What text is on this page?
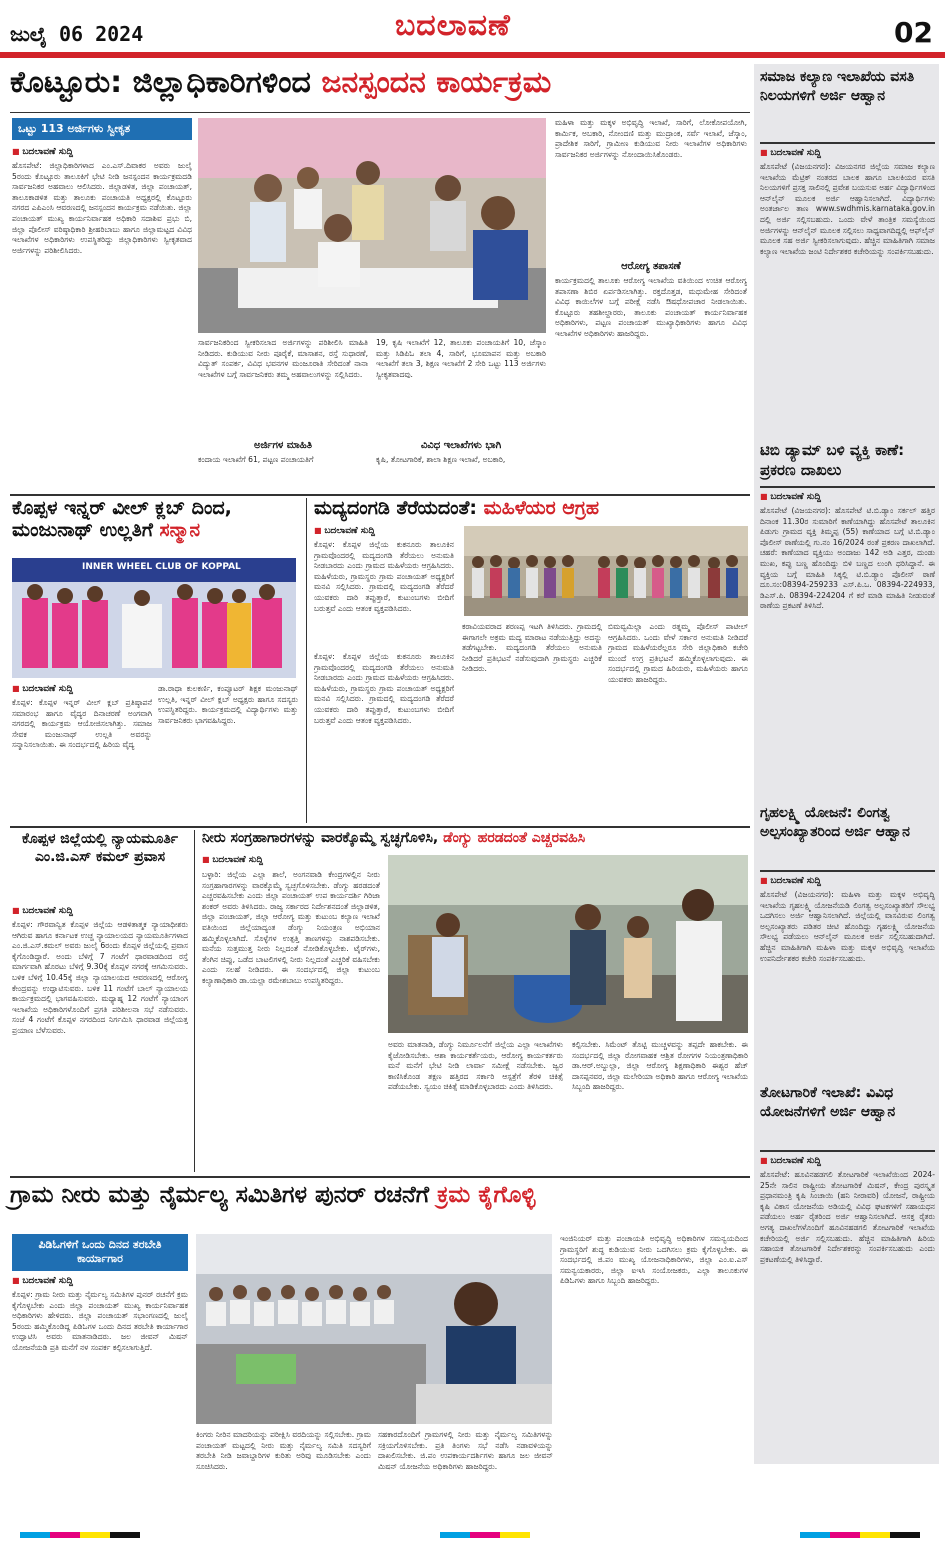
ಜುಲೈ 06 2024	ಬದಲಾವಣೆ	02
ಕೊಟ್ಟೂರು: ಜಿಲ್ಲಾಧಿಕಾರಿಗಳಿಂದ ಜನಸ್ಪಂದನ ಕಾರ್ಯಕ್ರಮ
ಒಟ್ಟು 113 ಅರ್ಜಿಗಳು ಸ್ವೀಕೃತ
■ ಬದಲಾವಣೆ ಸುದ್ದಿ
ಹೊಸಪೇಟೆ: ಜಿಲ್ಲಾಧಿಕಾರಿಗಳಾದ ಎಂ.ಎಸ್.ದಿವಾಕರ ಅವರು ಜುಲೈ 5ರಂದು ಕೊಟ್ಟೂರು ತಾಲೂಕಿಗೆ ಭೇಟಿ ನೀಡಿ ಜನಸ್ಪಂದನ ಕಾರ್ಯಕ್ರಮದಡಿ ಸಾರ್ವಜನಿಕರ ಅಹವಾಲು ಆಲಿಸಿದರು. ಜಿಲ್ಲಾಡಳಿತ, ಜಿಲ್ಲಾ ಪಂಚಾಯತ್, ತಾಲೂಕಾಡಳಿತ ಮತ್ತು ತಾಲೂಕು ಪಂಚಾಯತಿ ಅಧ್ಯಕ್ಷರಲ್ಲಿ ಕೊಟ್ಟೂರು ನಗರದ ಎಪಿಎಂಸಿ ಆವರಣದಲ್ಲಿ ಜನಸ್ಪಂದನ ಕಾರ್ಯಕ್ರಮ ನಡೆಯಿತು. ಜಿಲ್ಲಾ ಪಂಚಾಯತ್ ಮುಖ್ಯ ಕಾರ್ಯನಿರ್ವಾಹಕ ಅಧಿಕಾರಿ ಸದಾಶಿವ ಪ್ರಭು ಬಿ, ಜಿಲ್ಲಾ ಪೊಲೀಸ್ ವರಿಷ್ಠಾಧಿಕಾರಿ ಶ್ರೀಹರಿಬಾಬು ಹಾಗೂ ಜಿಲ್ಲಾಮಟ್ಟದ ವಿವಿಧ ಇಲಾಖೆಗಳ ಅಧಿಕಾರಿಗಳು ಉಪಸ್ಥಿತರಿದ್ದು ಜಿಲ್ಲಾಧಿಕಾರಿಗಳು ಸ್ವೀಕೃತವಾದ ಅರ್ಜಿಗಳನ್ನು ಪರಿಶೀಲಿಸಿದರು.
ಸಾರ್ವಜನಿಕರಿಂದ ಸ್ವೀಕರಿಸಲಾದ ಅರ್ಜಿಗಳನ್ನು ಪರಿಶೀಲಿಸಿ ಮಾಹಿತಿ ನೀಡಿದರು. ಕುಡಿಯುವ ನೀರು ಪೂರೈಕೆ, ಮಾಸಾಶನ, ರಸ್ತೆ ಸುಧಾರಣೆ, ವಿದ್ಯುತ್ ಸಂಪರ್ಕ, ವಿವಿಧ ಭವನಗಳ ಮಂಜೂರಾತಿ ಸೇರಿದಂತೆ ನಾನಾ ಇಲಾಖೆಗಳ ಬಗ್ಗೆ ಸಾರ್ವಜನಿಕರು ತಮ್ಮ ಅಹವಾಲುಗಳನ್ನು ಸಲ್ಲಿಸಿದರು.
ಅರ್ಜಿಗಳ ಮಾಹಿತಿ
ಕಂದಾಯ ಇಲಾಖೆಗೆ 61, ಪಟ್ಟಣ ಪಂಚಾಯತಿಗೆ
19, ಕೃಷಿ ಇಲಾಖೆಗೆ 12, ತಾಲೂಕು ಪಂಚಾಯತಿಗೆ 10, ಜೆಸ್ಕಾಂ ಮತ್ತು ಸಿಡಿಪಿಓ ತಲಾ 4, ಸಾರಿಗೆ, ಭೂಮಾಪನ ಮತ್ತು ಅಬಕಾರಿ ಇಲಾಖೆಗೆ ತಲಾ 3, ಶಿಕ್ಷಣ ಇಲಾಖೆಗೆ 2 ಸೇರಿ ಒಟ್ಟು 113 ಅರ್ಜಿಗಳು ಸ್ವೀಕೃತವಾದವು.
ವಿವಿಧ ಇಲಾಖೆಗಳು ಭಾಗಿ
ಕೃಷಿ, ತೋಟಗಾರಿಕೆ, ಶಾಲಾ ಶಿಕ್ಷಣ ಇಲಾಖೆ, ಅಬಕಾರಿ,
ಮಹಿಳಾ ಮತ್ತು ಮಕ್ಕಳ ಅಭಿವೃದ್ಧಿ ಇಲಾಖೆ, ಸಾರಿಗೆ, ಲೋಕೋಪಯೋಗಿ, ಕಾರ್ಮಿಕ, ಅಬಕಾರಿ, ನೋಂದಣಿ ಮತ್ತು ಮುದ್ರಾಂಕ, ಸರ್ವೆ ಇಲಾಖೆ, ಜೆಸ್ಕಾಂ, ಪ್ರಾದೇಶಿಕ ಸಾರಿಗೆ, ಗ್ರಾಮೀಣ ಕುಡಿಯುವ ನೀರು ಇಲಾಖೆಗಳ ಅಧಿಕಾರಿಗಳು ಸಾರ್ವಜನಿಕರ ಅರ್ಜಿಗಳನ್ನು ನೋಂದಾಯಿಸಿಕೊಂಡರು.
ಆರೋಗ್ಯ ತಪಾಸಣೆ
ಕಾರ್ಯಕ್ರಮದಲ್ಲಿ ತಾಲೂಕು ಆರೋಗ್ಯ ಇಲಾಖೆಯ ವತಿಯಿಂದ ಉಚಿತ ಆರೋಗ್ಯ ತಪಾಸಣಾ ಶಿಬಿರ ಏರ್ಪಡಿಸಲಾಗಿತ್ತು. ರಕ್ತದೊತ್ತಡ, ಮಧುಮೇಹ ಸೇರಿದಂತೆ ವಿವಿಧ ಕಾಯಿಲೆಗಳ ಬಗ್ಗೆ ಪರೀಕ್ಷೆ ನಡೆಸಿ ಔಷಧೋಪಚಾರ ನೀಡಲಾಯಿತು. ಕೊಟ್ಟೂರು ತಹಶೀಲ್ದಾರರು, ತಾಲೂಕು ಪಂಚಾಯತ್ ಕಾರ್ಯನಿರ್ವಾಹಕ ಅಧಿಕಾರಿಗಳು, ಪಟ್ಟಣ ಪಂಚಾಯತ್ ಮುಖ್ಯಾಧಿಕಾರಿಗಳು ಹಾಗೂ ವಿವಿಧ ಇಲಾಖೆಗಳ ಅಧಿಕಾರಿಗಳು ಹಾಜರಿದ್ದರು.
ಕೊಪ್ಪಳ ಇನ್ನರ್ ವೀಲ್ ಕ್ಲಬ್ ದಿಂದ,
ಮಂಜುನಾಥ್ ಉಲ್ಲತಿಗೆ ಸನ್ಮಾನ
INNER WHEEL CLUB OF KOPPAL
■ ಬದಲಾವಣೆ ಸುದ್ದಿ
ಕೊಪ್ಪಳ: ಕೊಪ್ಪಳ ಇನ್ನರ್ ವೀಲ್ ಕ್ಲಬ್ ಪ್ರತಿಷ್ಠಾಪನೆ ಸಮಾರಂಭ ಹಾಗೂ ವೈದ್ಯರ ದಿನಾಚರಣೆ ಅಂಗವಾಗಿ ನಗರದಲ್ಲಿ ಕಾರ್ಯಕ್ರಮ ಆಯೋಜಿಸಲಾಗಿತ್ತು. ಸಮಾಜ ಸೇವಕ ಮಂಜುನಾಥ್ ಉಲ್ಲತಿ ಅವರನ್ನು ಸನ್ಮಾನಿಸಲಾಯಿತು. ಈ ಸಂದರ್ಭದಲ್ಲಿ ಹಿರಿಯ ವೈದ್ಯ
ಡಾ.ರಾಧಾ ಕುಲಕರ್ಣಿ, ಕಂಪ್ಯೂಟರ್ ಶಿಕ್ಷಕ ಮಂಜುನಾಥ್ ಉಲ್ಲತಿ, ಇನ್ನರ್ ವೀಲ್ ಕ್ಲಬ್ ಅಧ್ಯಕ್ಷರು ಹಾಗೂ ಸದಸ್ಯರು ಉಪಸ್ಥಿತರಿದ್ದರು. ಕಾರ್ಯಕ್ರಮದಲ್ಲಿ ವಿದ್ಯಾರ್ಥಿಗಳು ಮತ್ತು ಸಾರ್ವಜನಿಕರು ಭಾಗವಹಿಸಿದ್ದರು.
ಮದ್ಯದಂಗಡಿ ತೆರೆಯದಂತೆ: ಮಹಿಳೆಯರ ಆಗ್ರಹ
■ ಬದಲಾವಣೆ ಸುದ್ದಿ
ಕೊಪ್ಪಳ: ಕೊಪ್ಪಳ ಜಿಲ್ಲೆಯ ಕುಕನೂರು ತಾಲೂಕಿನ ಗ್ರಾಮವೊಂದರಲ್ಲಿ ಮದ್ಯದಂಗಡಿ ತೆರೆಯಲು ಅನುಮತಿ ನೀಡಬಾರದು ಎಂದು ಗ್ರಾಮದ ಮಹಿಳೆಯರು ಆಗ್ರಹಿಸಿದರು. ಮಹಿಳೆಯರು, ಗ್ರಾಮಸ್ಥರು ಗ್ರಾಮ ಪಂಚಾಯತ್ ಅಧ್ಯಕ್ಷರಿಗೆ ಮನವಿ ಸಲ್ಲಿಸಿದರು. ಗ್ರಾಮದಲ್ಲಿ ಮದ್ಯದಂಗಡಿ ತೆರೆದರೆ ಯುವಕರು ದಾರಿ ತಪ್ಪುತ್ತಾರೆ, ಕುಟುಂಬಗಳು ಬೀದಿಗೆ ಬರುತ್ತವೆ ಎಂದು ಆತಂಕ ವ್ಯಕ್ತಪಡಿಸಿದರು.
ಕೊಪ್ಪಳ: ಕೊಪ್ಪಳ ಜಿಲ್ಲೆಯ ಕುಕನೂರು ತಾಲೂಕಿನ ಗ್ರಾಮವೊಂದರಲ್ಲಿ ಮದ್ಯದಂಗಡಿ ತೆರೆಯಲು ಅನುಮತಿ ನೀಡಬಾರದು ಎಂದು ಗ್ರಾಮದ ಮಹಿಳೆಯರು ಆಗ್ರಹಿಸಿದರು. ಮಹಿಳೆಯರು, ಗ್ರಾಮಸ್ಥರು ಗ್ರಾಮ ಪಂಚಾಯತ್ ಅಧ್ಯಕ್ಷರಿಗೆ ಮನವಿ ಸಲ್ಲಿಸಿದರು. ಗ್ರಾಮದಲ್ಲಿ ಮದ್ಯದಂಗಡಿ ತೆರೆದರೆ ಯುವಕರು ದಾರಿ ತಪ್ಪುತ್ತಾರೆ, ಕುಟುಂಬಗಳು ಬೀದಿಗೆ ಬರುತ್ತವೆ ಎಂದು ಆತಂಕ ವ್ಯಕ್ತಪಡಿಸಿದರು.
ಕರಾವಿಯವರಾದ ಶರಣಪ್ಪ ಇಟಗಿ ತಿಳಿಸಿದರು. ಗ್ರಾಮದಲ್ಲಿ ಈಗಾಗಲೇ ಅಕ್ರಮ ಮದ್ಯ ಮಾರಾಟ ನಡೆಯುತ್ತಿದ್ದು ಅದನ್ನು ತಡೆಗಟ್ಟಬೇಕು. ಮದ್ಯದಂಗಡಿ ತೆರೆಯಲು ಅನುಮತಿ ನೀಡಿದರೆ ಪ್ರತಿಭಟನೆ ನಡೆಸುವುದಾಗಿ ಗ್ರಾಮಸ್ಥರು ಎಚ್ಚರಿಕೆ ನೀಡಿದರು.
ಬಿಮವ್ವಮಿಲ್ಲಾ ಎಂದು ರತ್ನಮ್ಮ ಪೊಲೀಸ್ ಪಾಟೀಲ್ ಆಗ್ರಹಿಸಿದರು. ಒಂದು ವೇಳೆ ಸರ್ಕಾರ ಅನುಮತಿ ನೀಡಿದರೆ ಗ್ರಾಮದ ಮಹಿಳೆಯರೆಲ್ಲರೂ ಸೇರಿ ಜಿಲ್ಲಾಧಿಕಾರಿ ಕಚೇರಿ ಮುಂದೆ ಉಗ್ರ ಪ್ರತಿಭಟನೆ ಹಮ್ಮಿಕೊಳ್ಳಲಾಗುವುದು. ಈ ಸಂದರ್ಭದಲ್ಲಿ ಗ್ರಾಮದ ಹಿರಿಯರು, ಮಹಿಳೆಯರು ಹಾಗೂ ಯುವಕರು ಹಾಜರಿದ್ದರು.
ಕೊಪ್ಪಳ ಜಿಲ್ಲೆಯಲ್ಲಿ ನ್ಯಾಯಮೂರ್ತಿ ಎಂ.ಜಿ.ಎಸ್ ಕಮಲ್ ಪ್ರವಾಸ
■ ಬದಲಾವಣೆ ಸುದ್ದಿ
ಕೊಪ್ಪಳ: ಗೌರವಾನ್ವಿತ ಕೊಪ್ಪಳ ಜಿಲ್ಲೆಯ ಆಡಳಿತಾತ್ಮಕ ನ್ಯಾಯಾಧೀಶರು ಆಗಿರುವ ಹಾಗೂ ಕರ್ನಾಟಕ ಉಚ್ಚ ನ್ಯಾಯಾಲಯದ ನ್ಯಾಯಮೂರ್ತಿಗಳಾದ ಎಂ.ಜಿ.ಎಸ್.ಕಮಲ್ ಅವರು ಜುಲೈ 6ರಂದು ಕೊಪ್ಪಳ ಜಿಲ್ಲೆಯಲ್ಲಿ ಪ್ರವಾಸ ಕೈಗೊಂಡಿದ್ದಾರೆ. ಅಂದು ಬೆಳಿಗ್ಗೆ 7 ಗಂಟೆಗೆ ಧಾರವಾಡದಿಂದ ರಸ್ತೆ ಮಾರ್ಗವಾಗಿ ಹೊರಟು ಬೆಳಿಗ್ಗೆ 9.30ಕ್ಕೆ ಕೊಪ್ಪಳ ನಗರಕ್ಕೆ ಆಗಮಿಸುವರು. ಬಳಿಕ ಬೆಳಿಗ್ಗೆ 10.45ಕ್ಕೆ ಜಿಲ್ಲಾ ನ್ಯಾಯಾಲಯದ ಆವರಣದಲ್ಲಿ ಆರೋಗ್ಯ ಕೇಂದ್ರವನ್ನು ಉದ್ಘಾಟಿಸುವರು. ಬಳಿಕ 11 ಗಂಟೆಗೆ ಬಾಲ್ ನ್ಯಾಯಾಲಯ ಕಾರ್ಯಕ್ರಮದಲ್ಲಿ ಭಾಗವಹಿಸುವರು. ಮಧ್ಯಾಹ್ನ 12 ಗಂಟೆಗೆ ನ್ಯಾಯಾಂಗ ಇಲಾಖೆಯ ಅಧಿಕಾರಿಗಳೊಂದಿಗೆ ಪ್ರಗತಿ ಪರಿಶೀಲನಾ ಸಭೆ ನಡೆಸುವರು. ಸಂಜೆ 4 ಗಂಟೆಗೆ ಕೊಪ್ಪಳ ನಗರದಿಂದ ನಿರ್ಗಮಿಸಿ ಧಾರವಾಡ ಜಿಲ್ಲೆಯತ್ತ ಪ್ರಯಾಣ ಬೆಳೆಸುವರು.
ನೀರು ಸಂಗ್ರಹಾಗಾರಗಳನ್ನು ವಾರಕ್ಕೊಮ್ಮೆ ಸ್ವಚ್ಛಗೊಳಿಸಿ, ಡೆಂಗ್ಯು ಹರಡದಂತೆ ಎಚ್ಚರವಹಿಸಿ
■ ಬದಲಾವಣೆ ಸುದ್ದಿ
ಬಳ್ಳಾರಿ: ಜಿಲ್ಲೆಯ ಎಲ್ಲಾ ಶಾಲೆ, ಅಂಗನವಾಡಿ ಕೇಂದ್ರಗಳಲ್ಲಿನ ನೀರು ಸಂಗ್ರಹಾಗಾರಗಳನ್ನು ವಾರಕ್ಕೊಮ್ಮೆ ಸ್ವಚ್ಛಗೊಳಿಸಬೇಕು. ಡೆಂಗ್ಯು ಹರಡದಂತೆ ಎಚ್ಚರವಹಿಸಬೇಕು ಎಂದು ಜಿಲ್ಲಾ ಪಂಚಾಯತ್ ಉಪ ಕಾರ್ಯದರ್ಶಿ ಗಿರಿಜಾ ಶಂಕರ್ ಅವರು ತಿಳಿಸಿದರು. ರಾಜ್ಯ ಸರ್ಕಾರದ ನಿರ್ದೇಶನದಂತೆ ಜಿಲ್ಲಾಡಳಿತ, ಜಿಲ್ಲಾ ಪಂಚಾಯತ್, ಜಿಲ್ಲಾ ಆರೋಗ್ಯ ಮತ್ತು ಕುಟುಂಬ ಕಲ್ಯಾಣ ಇಲಾಖೆ ವತಿಯಿಂದ ಜಿಲ್ಲೆಯಾದ್ಯಂತ ಡೆಂಗ್ಯು ನಿಯಂತ್ರಣ ಅಭಿಯಾನ ಹಮ್ಮಿಕೊಳ್ಳಲಾಗಿದೆ. ಸೊಳ್ಳೆಗಳ ಉತ್ಪತ್ತಿ ತಾಣಗಳನ್ನು ನಾಶಪಡಿಸಬೇಕು. ಮನೆಯ ಸುತ್ತಮುತ್ತ ನೀರು ನಿಲ್ಲದಂತೆ ನೋಡಿಕೊಳ್ಳಬೇಕು. ಟೈರ್‌ಗಳು, ತೆಂಗಿನ ಚಿಪ್ಪು, ಒಡೆದ ಬಾಟಲಿಗಳಲ್ಲಿ ನೀರು ನಿಲ್ಲದಂತೆ ಎಚ್ಚರಿಕೆ ವಹಿಸಬೇಕು ಎಂದು ಸಲಹೆ ನೀಡಿದರು. ಈ ಸಂದರ್ಭದಲ್ಲಿ ಜಿಲ್ಲಾ ಕುಟುಂಬ ಕಲ್ಯಾಣಾಧಿಕಾರಿ ಡಾ.ಯಲ್ಲಾ ರಮೇಶಬಾಬು ಉಪಸ್ಥಿತರಿದ್ದರು.
ಅವರು ಮಾತನಾಡಿ, ಡೆಂಗ್ಯು ನಿರ್ಮೂಲನೆಗೆ ಜಿಲ್ಲೆಯ ಎಲ್ಲಾ ಇಲಾಖೆಗಳು ಕೈಜೋಡಿಸಬೇಕು. ಆಶಾ ಕಾರ್ಯಕರ್ತೆಯರು, ಆರೋಗ್ಯ ಕಾರ್ಯಕರ್ತರು ಮನೆ ಮನೆಗೆ ಭೇಟಿ ನೀಡಿ ಲಾರ್ವಾ ಸಮೀಕ್ಷೆ ನಡೆಸಬೇಕು. ಜ್ವರ ಕಾಣಿಸಿಕೊಂಡ ತಕ್ಷಣ ಹತ್ತಿರದ ಸರ್ಕಾರಿ ಆಸ್ಪತ್ರೆಗೆ ತೆರಳಿ ಚಿಕಿತ್ಸೆ ಪಡೆಯಬೇಕು. ಸ್ವಯಂ ಚಿಕಿತ್ಸೆ ಮಾಡಿಕೊಳ್ಳಬಾರದು ಎಂದು ತಿಳಿಸಿದರು.
ಕಲ್ಪಿಸಬೇಕು. ಸಿಮೆಂಟ್ ತೊಟ್ಟಿ ಮುಚ್ಚಳವನ್ನು ತಪ್ಪದೇ ಹಾಕಬೇಕು. ಈ ಸಂದರ್ಭದಲ್ಲಿ ಜಿಲ್ಲಾ ರೋಗವಾಹಕ ಆಶ್ರಿತ ರೋಗಗಳ ನಿಯಂತ್ರಣಾಧಿಕಾರಿ ಡಾ.ಆರ್.ಅಬ್ದುಲ್ಲಾ, ಜಿಲ್ಲಾ ಆರೋಗ್ಯ ಶಿಕ್ಷಣಾಧಿಕಾರಿ ಈಶ್ವರ ಹೆಚ್ ದಾಸಪ್ಪನವರ, ಜಿಲ್ಲಾ ಮಲೇರಿಯಾ ಅಧಿಕಾರಿ ಹಾಗೂ ಆರೋಗ್ಯ ಇಲಾಖೆಯ ಸಿಬ್ಬಂದಿ ಹಾಜರಿದ್ದರು.
ಗ್ರಾಮ ನೀರು ಮತ್ತು ನೈರ್ಮಲ್ಯ ಸಮಿತಿಗಳ ಪುನರ್ ರಚನೆಗೆ ಕ್ರಮ ಕೈಗೊಳ್ಳಿ
ಪಿಡಿಓಗಳಿಗೆ ಒಂದು ದಿನದ ತರಬೇತಿ ಕಾರ್ಯಾಗಾರ
■ ಬದಲಾವಣೆ ಸುದ್ದಿ
ಕೊಪ್ಪಳ: ಗ್ರಾಮ ನೀರು ಮತ್ತು ನೈರ್ಮಲ್ಯ ಸಮಿತಿಗಳ ಪುನರ್ ರಚನೆಗೆ ಕ್ರಮ ಕೈಗೊಳ್ಳಬೇಕು ಎಂದು ಜಿಲ್ಲಾ ಪಂಚಾಯತ್ ಮುಖ್ಯ ಕಾರ್ಯನಿರ್ವಾಹಕ ಅಧಿಕಾರಿಗಳು ಹೇಳಿದರು. ಜಿಲ್ಲಾ ಪಂಚಾಯತ್ ಸಭಾಂಗಣದಲ್ಲಿ ಜುಲೈ 5ರಂದು ಹಮ್ಮಿಕೊಂಡಿದ್ದ ಪಿಡಿಓಗಳ ಒಂದು ದಿನದ ತರಬೇತಿ ಕಾರ್ಯಾಗಾರ ಉದ್ಘಾಟಿಸಿ ಅವರು ಮಾತನಾಡಿದರು. ಜಲ ಜೀವನ್ ಮಿಷನ್ ಯೋಜನೆಯಡಿ ಪ್ರತಿ ಮನೆಗೆ ನಳ ಸಂಪರ್ಕ ಕಲ್ಪಿಸಲಾಗುತ್ತಿದೆ.
ಕಿಂಗರು ನೀರಿನ ಮಾದರಿಯನ್ನು ಪರೀಕ್ಷಿಸಿ ವರದಿಯನ್ನು ಸಲ್ಲಿಸಬೇಕು. ಗ್ರಾಮ ಪಂಚಾಯತ್ ಮಟ್ಟದಲ್ಲಿ ನೀರು ಮತ್ತು ನೈರ್ಮಲ್ಯ ಸಮಿತಿ ಸದಸ್ಯರಿಗೆ ತರಬೇತಿ ನೀಡಿ ಜವಾಬ್ದಾರಿಗಳ ಕುರಿತು ಅರಿವು ಮೂಡಿಸಬೇಕು ಎಂದು ಸೂಚಿಸಿದರು.
ಸಹಕಾರದೊಂದಿಗೆ ಗ್ರಾಮಗಳಲ್ಲಿ ನೀರು ಮತ್ತು ನೈರ್ಮಲ್ಯ ಸಮಿತಿಗಳನ್ನು ಸಕ್ರಿಯಗೊಳಿಸಬೇಕು. ಪ್ರತಿ ತಿಂಗಳು ಸಭೆ ನಡೆಸಿ ನಡಾವಳಿಯನ್ನು ದಾಖಲಿಸಬೇಕು. ಜಿ.ಪಂ ಉಪಕಾರ್ಯದರ್ಶಿಗಳು ಹಾಗೂ ಜಲ ಜೀವನ್ ಮಿಷನ್ ಯೋಜನೆಯ ಅಧಿಕಾರಿಗಳು ಹಾಜರಿದ್ದರು.
ಇಂಜಿನಿಯರ್ ಮತ್ತು ಪಂಚಾಯತಿ ಅಭಿವೃದ್ಧಿ ಅಧಿಕಾರಿಗಳ ಸಮನ್ವಯದಿಂದ ಗ್ರಾಮಸ್ಥರಿಗೆ ಶುದ್ಧ ಕುಡಿಯುವ ನೀರು ಒದಗಿಸಲು ಕ್ರಮ ಕೈಗೊಳ್ಳಬೇಕು. ಈ ಸಂದರ್ಭದಲ್ಲಿ ಜಿ.ಪಂ ಮುಖ್ಯ ಯೋಜನಾಧಿಕಾರಿಗಳು, ಜಿಲ್ಲಾ ಎಂ.ಐ.ಎಸ್ ಸಮನ್ವಯಕಾರರು, ಜಿಲ್ಲಾ ಐಇಸಿ ಸಂಯೋಜಕರು, ಎಲ್ಲಾ ತಾಲೂಕುಗಳ ಪಿಡಿಓಗಳು ಹಾಗೂ ಸಿಬ್ಬಂದಿ ಹಾಜರಿದ್ದರು.
ಸಮಾಜ ಕಲ್ಯಾಣ ಇಲಾಖೆಯ ವಸತಿ ನಿಲಯಗಳಿಗೆ ಅರ್ಜಿ ಆಹ್ವಾನ
■ ಬದಲಾವಣೆ ಸುದ್ದಿ
ಹೊಸಪೇಟೆ (ವಿಜಯನಗರ): ವಿಜಯನಗರ ಜಿಲ್ಲೆಯ ಸಮಾಜ ಕಲ್ಯಾಣ ಇಲಾಖೆಯ ಮೆಟ್ರಿಕ್ ನಂತರದ ಬಾಲಕ ಹಾಗೂ ಬಾಲಕಿಯರ ವಸತಿ ನಿಲಯಗಳಿಗೆ ಪ್ರಸಕ್ತ ಸಾಲಿನಲ್ಲಿ ಪ್ರವೇಶ ಬಯಸುವ ಅರ್ಹ ವಿದ್ಯಾರ್ಥಿಗಳಿಂದ ಆನ್‌ಲೈನ್ ಮೂಲಕ ಅರ್ಜಿ ಆಹ್ವಾನಿಸಲಾಗಿದೆ. ವಿದ್ಯಾರ್ಥಿಗಳು ಅಂತರ್ಜಾಲ ತಾಣ www.swdhmis.karnataka.gov.in ದಲ್ಲಿ ಅರ್ಜಿ ಸಲ್ಲಿಸಬಹುದು. ಒಂದು ವೇಳೆ ತಾಂತ್ರಿಕ ಸಮಸ್ಯೆಯಿಂದ ಅರ್ಜಿಗಳನ್ನು ಆನ್‌ಲೈನ್ ಮೂಲಕ ಸಲ್ಲಿಸಲು ಸಾಧ್ಯವಾಗದಿದ್ದಲ್ಲಿ ಆಫ್‌ಲೈನ್ ಮೂಲಕ ಸಹ ಅರ್ಜಿ ಸ್ವೀಕರಿಸಲಾಗುವುದು. ಹೆಚ್ಚಿನ ಮಾಹಿತಿಗಾಗಿ ಸಮಾಜ ಕಲ್ಯಾಣ ಇಲಾಖೆಯ ಜಂಟಿ ನಿರ್ದೇಶಕರ ಕಚೇರಿಯನ್ನು ಸಂಪರ್ಕಿಸಬಹುದು.
ಟಿಬಿ ಡ್ಯಾಮ್ ಬಳಿ ವ್ಯಕ್ತಿ ಕಾಣೆ: ಪ್ರಕರಣ ದಾಖಲು
■ ಬದಲಾವಣೆ ಸುದ್ದಿ
ಹೊಸಪೇಟೆ (ವಿಜಯನಗರ): ಹೊಸಪೇಟೆ ಟಿ.ಬಿ.ಡ್ಯಾಂ ಸರ್ಕಲ್ ಹತ್ತಿರ ದಿನಾಂಕ 11.30ರ ಸುಮಾರಿಗೆ ಕಾಣೆಯಾಗಿದ್ದು ಹೊಸಪೇಟೆ ತಾಲೂಕಿನ ಪಿಡುಗು ಗ್ರಾಮದ ವ್ಯಕ್ತಿ ತಿಮ್ಮಪ್ಪ (55) ಕಾಣೆಯಾದ ಬಗ್ಗೆ ಟಿ.ಬಿ.ಡ್ಯಾಂ ಪೊಲೀಸ್ ಠಾಣೆಯಲ್ಲಿ ಗು.ನಂ 16/2024 ರಂತೆ ಪ್ರಕರಣ ದಾಖಲಾಗಿದೆ. ಚಹರೆ: ಕಾಣೆಯಾದ ವ್ಯಕ್ತಿಯು ಅಂದಾಜು 142 ಅಡಿ ಎತ್ತರ, ದುಂಡು ಮುಖ, ಕಪ್ಪು ಬಣ್ಣ ಹೊಂದಿದ್ದು ಬಿಳಿ ಬಣ್ಣದ ಲುಂಗಿ ಧರಿಸಿದ್ದಾನೆ. ಈ ವ್ಯಕ್ತಿಯ ಬಗ್ಗೆ ಮಾಹಿತಿ ಸಿಕ್ಕಲ್ಲಿ ಟಿ.ಬಿ.ಡ್ಯಾಂ ಪೊಲೀಸ್ ಠಾಣೆ ದೂ.ಸಂ:08394-259233 ಎಸ್.ಪಿ.ಒ. 08394-224933, ಡಿಎಸ್.ಪಿ. 08394-224204 ಗೆ ಕರೆ ಮಾಡಿ ಮಾಹಿತಿ ನೀಡುವಂತೆ ಠಾಣೆಯ ಪ್ರಕಟಣೆ ತಿಳಿಸಿದೆ.
ಗೃಹಲಕ್ಷ್ಮಿ ಯೋಜನೆ: ಲಿಂಗತ್ವ ಅಲ್ಪಸಂಖ್ಯಾತರಿಂದ ಅರ್ಜಿ ಆಹ್ವಾನ
■ ಬದಲಾವಣೆ ಸುದ್ದಿ
ಹೊಸಪೇಟೆ (ವಿಜಯನಗರ): ಮಹಿಳಾ ಮತ್ತು ಮಕ್ಕಳ ಅಭಿವೃದ್ಧಿ ಇಲಾಖೆಯ ಗೃಹಲಕ್ಷ್ಮಿ ಯೋಜನೆಯಡಿ ಲಿಂಗತ್ವ ಅಲ್ಪಸಂಖ್ಯಾತರಿಗೆ ಸೌಲಭ್ಯ ಒದಗಿಸಲು ಅರ್ಜಿ ಆಹ್ವಾನಿಸಲಾಗಿದೆ. ಜಿಲ್ಲೆಯಲ್ಲಿ ವಾಸವಿರುವ ಲಿಂಗತ್ವ ಅಲ್ಪಸಂಖ್ಯಾತರು ಪಡಿತರ ಚೀಟಿ ಹೊಂದಿದ್ದು ಗೃಹಲಕ್ಷ್ಮಿ ಯೋಜನೆಯ ಸೌಲಭ್ಯ ಪಡೆಯಲು ಆನ್‌ಲೈನ್ ಮೂಲಕ ಅರ್ಜಿ ಸಲ್ಲಿಸಬಹುದಾಗಿದೆ. ಹೆಚ್ಚಿನ ಮಾಹಿತಿಗಾಗಿ ಮಹಿಳಾ ಮತ್ತು ಮಕ್ಕಳ ಅಭಿವೃದ್ಧಿ ಇಲಾಖೆಯ ಉಪನಿರ್ದೇಶಕರ ಕಚೇರಿ ಸಂಪರ್ಕಿಸಬಹುದು.
ತೋಟಗಾರಿಕೆ ಇಲಾಖೆ: ವಿವಿಧ ಯೋಜನೆಗಳಿಗೆ ಅರ್ಜಿ ಆಹ್ವಾನ
■ ಬದಲಾವಣೆ ಸುದ್ದಿ
ಹೊಸಪೇಟೆ: ಹೂವಿನಹಡಗಲಿ ತೋಟಗಾರಿಕೆ ಇಲಾಖೆಯಿಂದ 2024-25ನೇ ಸಾಲಿನ ರಾಷ್ಟ್ರೀಯ ತೋಟಗಾರಿಕೆ ಮಿಷನ್, ಕೇಂದ್ರ ಪುರಸ್ಕೃತ ಪ್ರಧಾನಮಂತ್ರಿ ಕೃಷಿ ಸಿಂಚಾಯಿ (ಹನಿ ನೀರಾವರಿ) ಯೋಜನೆ, ರಾಷ್ಟ್ರೀಯ ಕೃಷಿ ವಿಕಾಸ ಯೋಜನೆಯ ಅಡಿಯಲ್ಲಿ ವಿವಿಧ ಘಟಕಗಳಿಗೆ ಸಹಾಯಧನ ಪಡೆಯಲು ಅರ್ಹ ರೈತರಿಂದ ಅರ್ಜಿ ಆಹ್ವಾನಿಸಲಾಗಿದೆ. ಆಸಕ್ತ ರೈತರು ಅಗತ್ಯ ದಾಖಲೆಗಳೊಂದಿಗೆ ಹೂವಿನಹಡಗಲಿ ತೋಟಗಾರಿಕೆ ಇಲಾಖೆಯ ಕಚೇರಿಯಲ್ಲಿ ಅರ್ಜಿ ಸಲ್ಲಿಸಬಹುದು. ಹೆಚ್ಚಿನ ಮಾಹಿತಿಗಾಗಿ ಹಿರಿಯ ಸಹಾಯಕ ತೋಟಗಾರಿಕೆ ನಿರ್ದೇಶಕರನ್ನು ಸಂಪರ್ಕಿಸಬಹುದು ಎಂದು ಪ್ರಕಟಣೆಯಲ್ಲಿ ತಿಳಿಸಿದ್ದಾರೆ.
